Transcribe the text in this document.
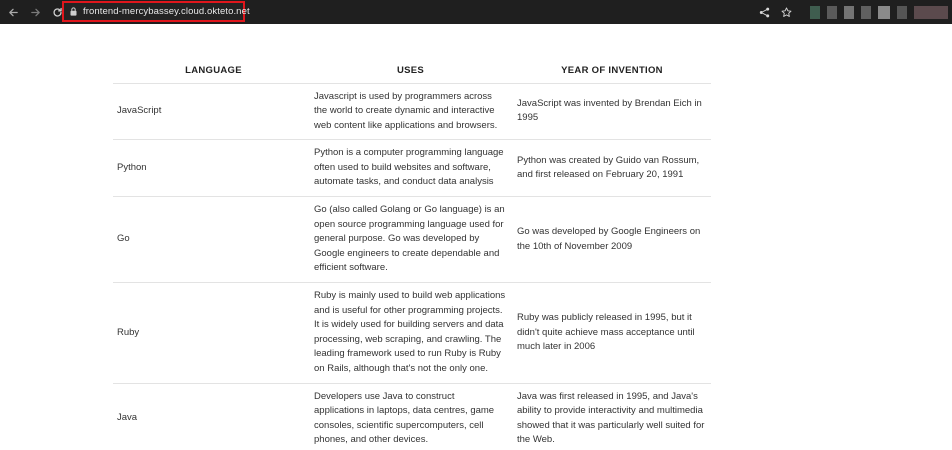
frontend-mercybassey.cloud.okteto.net
LANGUAGE	USES	YEAR OF INVENTION
JavaScript	Javascript is used by programmers across the world to create dynamic and interactive web content like applications and browsers.	JavaScript was invented by Brendan Eich in 1995
Python	Python is a computer programming language often used to build websites and software, automate tasks, and conduct data analysis	Python was created by Guido van Rossum, and first released on February 20, 1991
Go	Go (also called Golang or Go language) is an open source programming language used for general purpose. Go was developed by Google engineers to create dependable and efficient software.	Go was developed by Google Engineers on the 10th of November 2009
Ruby	Ruby is mainly used to build web applications and is useful for other programming projects. It is widely used for building servers and data processing, web scraping, and crawling. The leading framework used to run Ruby is Ruby on Rails, although that's not the only one.	Ruby was publicly released in 1995, but it didn't quite achieve mass acceptance until much later in 2006
Java	Developers use Java to construct applications in laptops, data centres, game consoles, scientific supercomputers, cell phones, and other devices.	Java was first released in 1995, and Java's ability to provide interactivity and multimedia showed that it was particularly well suited for the Web.
